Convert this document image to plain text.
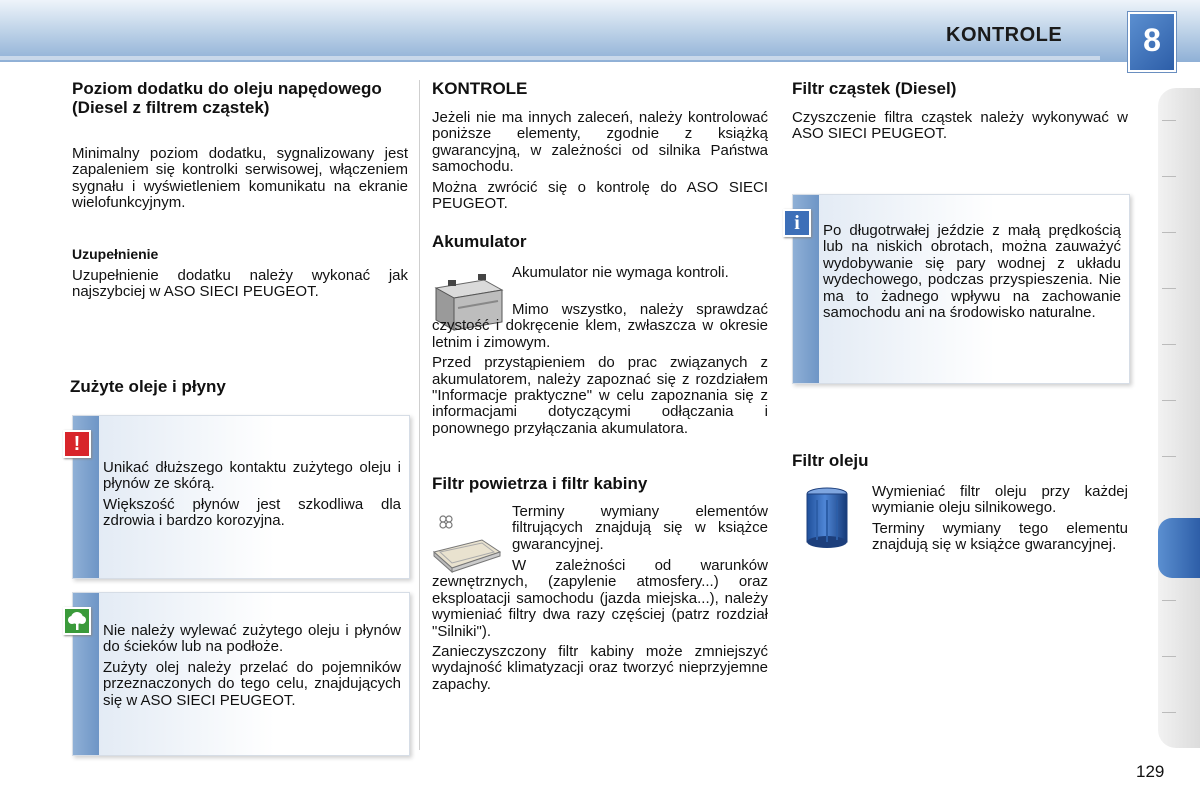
KONTROLE	8
Poziom dodatku do oleju napędowego (Diesel z filtrem cząstek)

Minimalny poziom dodatku, sygnalizowany jest zapaleniem się kontrolki serwisowej, włączeniem sygnału i wyświetleniem komunikatu na ekranie wielofunkcyjnym.

Uzupełnienie

Uzupełnienie dodatku należy wykonać jak najszybciej w ASO SIECI PEUGEOT.

Zużyte oleje i płyny
!

Unikać dłuższego kontaktu zużytego oleju i płynów ze skórą.

Większość płynów jest szkodliwa dla zdrowia i bardzo korozyjna.

Nie należy wylewać zużytego oleju i płynów do ścieków lub na podłoże.

Zużyty olej należy przelać do pojemników przeznaczonych do tego celu, znajdujących się w ASO SIECI PEUGEOT.

KONTROLE

Jeżeli nie ma innych zaleceń, należy kontrolować poniższe elementy, zgodnie z książką gwarancyjną, w zależności od silnika Państwa samochodu.

Można zwrócić się o kontrolę do ASO SIECI PEUGEOT.

Akumulator

Akumulator nie wymaga kontroli.

Mimo wszystko, należy sprawdzać czystość i dokręcenie klem, zwłaszcza w okresie letnim i zimowym.

Przed przystąpieniem do prac związanych z akumulatorem, należy zapoznać się z rozdziałem "Informacje praktyczne" w celu zapoznania się z informacjami dotyczącymi odłączania i ponownego przyłączania akumulatora.

Filtr powietrza i filtr kabiny

Terminy wymiany elementów filtrujących znajdują się w książce gwarancyjnej.

W zależności od warunków zewnętrznych, (zapylenie atmosfery...) oraz eksploatacji samochodu (jazda miejska...), należy wymieniać filtry dwa razy częściej (patrz rozdział "Silniki").

Zanieczyszczony filtr kabiny może zmniejszyć wydajność klimatyzacji oraz tworzyć nieprzyjemne zapachy.

Filtr cząstek (Diesel)

Czyszczenie filtra cząstek należy wykonywać w ASO SIECI PEUGEOT.

i	Po długotrwałej jeździe z małą prędkością lub na niskich obrotach, można zauważyć wydobywanie się pary wodnej z układu wydechowego, podczas przyspieszenia. Nie ma to żadnego wpływu na zachowanie samochodu ani na środowisko naturalne.

Filtr oleju

Wymieniać filtr oleju przy każdej wymianie oleju silnikowego.

Terminy wymiany tego elementu znajdują się w książce gwarancyjnej.

129
